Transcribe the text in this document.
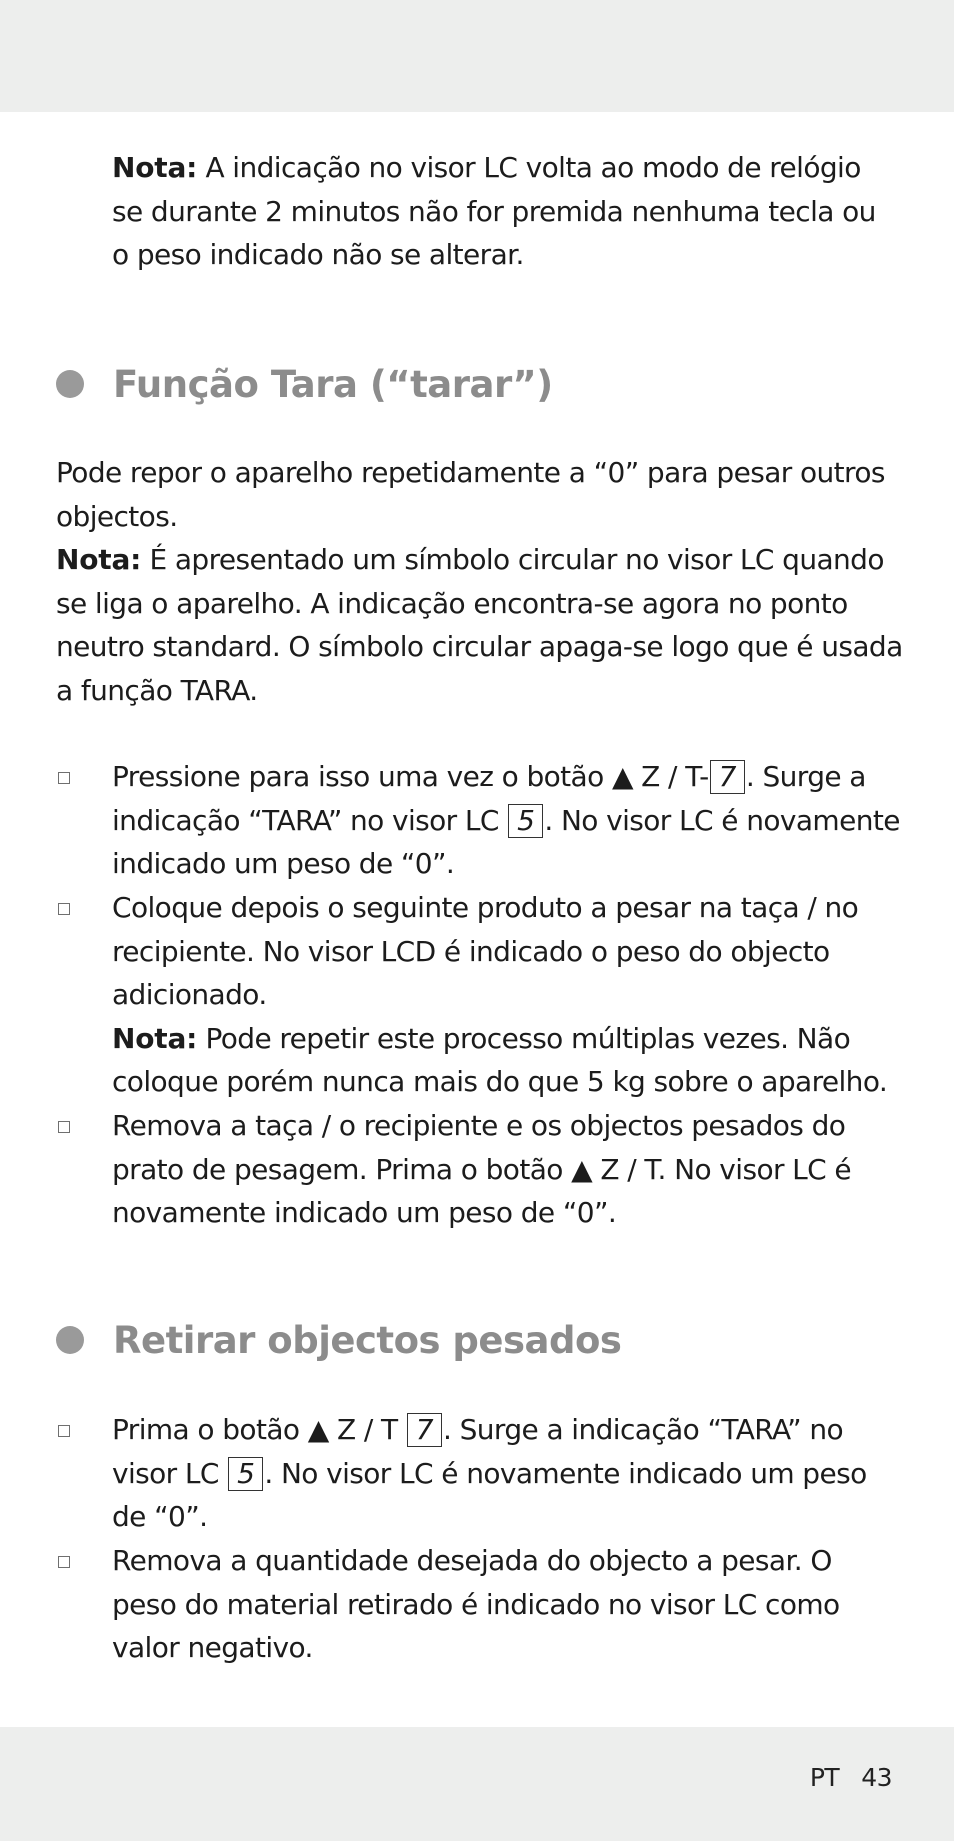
Nota: A indicação no visor LC volta ao modo de relógio
se durante 2 minutos não for premida nenhuma tecla ou
o peso indicado não se alterar.
Função Tara (“tarar”)
Pode repor o aparelho repetidamente a “0” para pesar outros
objectos.
Nota: É apresentado um símbolo circular no visor LC quando
se liga o aparelho. A indicação encontra-se agora no ponto
neutro standard. O símbolo circular apaga-se logo que é usada
a função TARA.
Pressione para isso uma vez o botão ▲ Z / T- 7 . Surge a
indicação “TARA” no visor LC 5 . No visor LC é novamente
indicado um peso de “0”.
Coloque depois o seguinte produto a pesar na taça / no
recipiente. No visor LCD é indicado o peso do objecto
adicionado.
Nota: Pode repetir este processo múltiplas vezes. Não
coloque porém nunca mais do que 5 kg sobre o aparelho.
Remova a taça / o recipiente e os objectos pesados do
prato de pesagem. Prima o botão ▲ Z / T. No visor LC é
novamente indicado um peso de “0”.
Retirar objectos pesados
Prima o botão ▲ Z / T 7 . Surge a indicação “TARA” no
visor LC 5 . No visor LC é novamente indicado um peso
de “0”.
Remova a quantidade desejada do objecto a pesar. O
peso do material retirado é indicado no visor LC como
valor negativo.
PT 43
